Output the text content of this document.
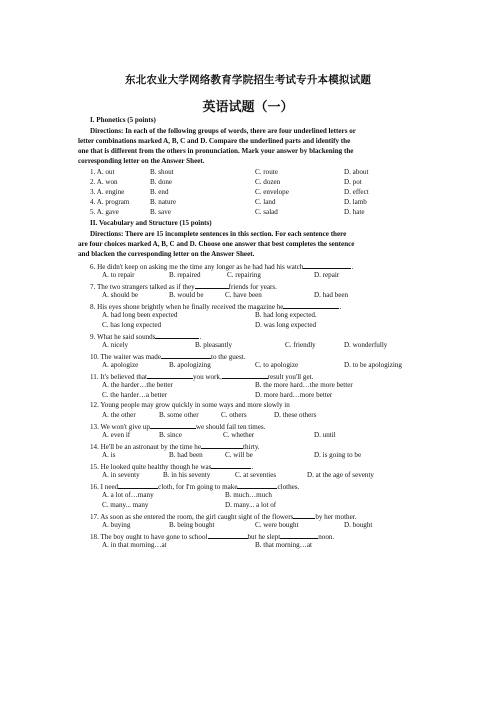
东北农业大学网络教育学院招生考试专升本模拟试题
英语试题（一）
I. Phonetics (5 points)
Directions: In each of the following groups of words, there are four underlined letters or
letter combinations marked A, B, C and D. Compare the underlined parts and identify the
one that is different from the others in pronunciation. Mark your answer by blackening the
corresponding letter on the Answer Sheet.
1. A. out	B. shout	C. route	D. about
2. A. won	B. done	C. dozen	D. pot
3. A. engine	B. end	C. envelope	D. effect
4. A. program	B. nature	C. land	D. lamb
5. A. gave	B. save	C. salad	D. hate
II. Vocabulary and Structure (15 points)
Directions: There are 15 incomplete sentences in this section. For each sentence there
are four choices marked A, B, C and D. Choose one answer that best completes the sentence
and blacken the corresponding letter on the Answer Sheet.
6. He didn't keep on asking me the time any longer as he had had his watch	.
A. to repair	B. repaired	C. repairing	D. repair
7. The two strangers talked as if they	friends for years.
A. should be	B. would be	C. have been	D. had been
8. His eyes shone brightly when he finally received the magazine he	.
A. had long been expected	B. had long expected.
C. has long expected	D. was long expected
9. What he said sounds	.
A. nicely	B. pleasantly	C. friendly	D. wonderfully
10. The waiter was made	to the guest.
A. apologize	B. apologizing	C. to apologize	D. to be apologizing
11. It's believed that	you work,	result you'll get.
A. the harder…the better	B. the more hard…the more better
C. the harder…a better	D. more hard…more better
12. Young people may grow quickly in some ways and more slowly in
A. the other	B. some other	C. others	D. these others
13. We won't give up	we should fail ten times.
A. even if	B. since	C. whether	D. until
14. He'll be an astronaut by the time he	thirty.
A. is	B. had been	C. will be	D. is going to be
15. He looked quite healthy though he was	.
A. in seventy	B. in his seventy	C. at seventies	D. at the age of seventy
16. I need	cloth, for I'm going to make	clothes.
A. a lot of…many	B. much…much
C. many... many	D. many... a lot of
17. As soon as she entered the room, the girl caught sight of the flowers	by her mother.
A. buying	B. being bought	C. were bought	D. bought
18. The boy ought to have gone to school	but he slept	noon.
A. in that morning…at	B. that morning…at
